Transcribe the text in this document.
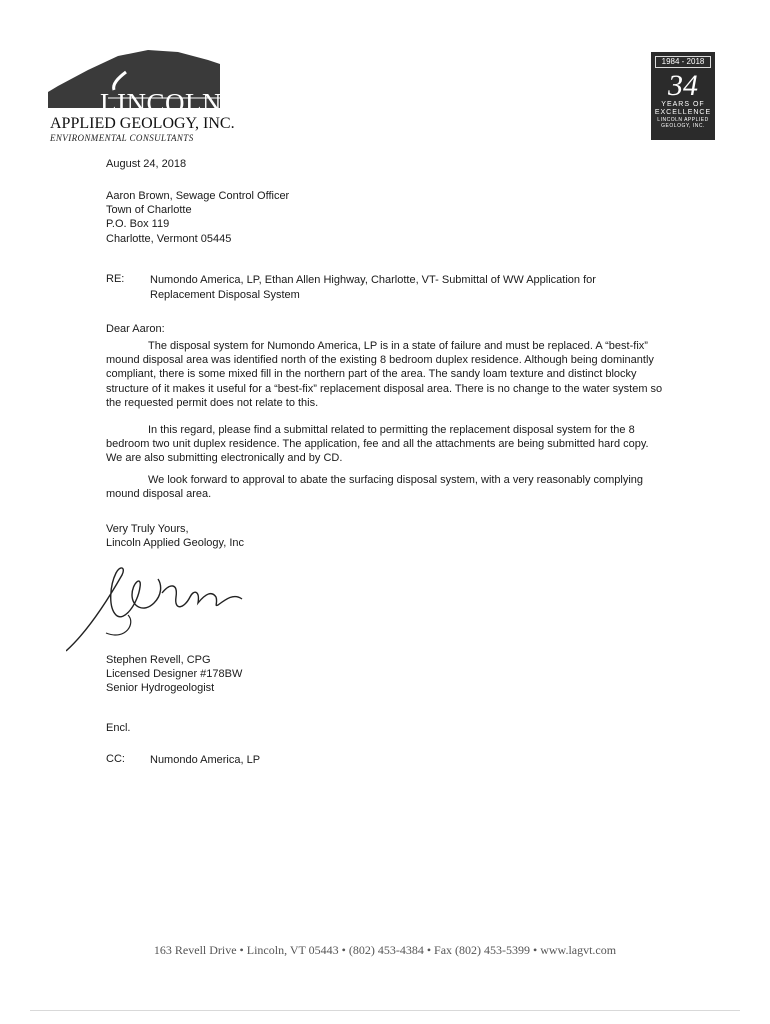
LINCOLN
APPLIED GEOLOGY, INC.
ENVIRONMENTAL CONSULTANTS
1984 - 2018
34
YEARS OF
EXCELLENCE
LINCOLN APPLIED
GEOLOGY, INC.
August 24, 2018
Aaron Brown, Sewage Control Officer
Town of Charlotte
P.O. Box 119
Charlotte, Vermont 05445
RE: Numondo America, LP, Ethan Allen Highway, Charlotte, VT- Submittal of WW Application for Replacement Disposal System
Dear Aaron:
The disposal system for Numondo America, LP is in a state of failure and must be replaced. A “best-fix” mound disposal area was identified north of the existing 8 bedroom duplex residence. Although being dominantly compliant, there is some mixed fill in the northern part of the area. The sandy loam texture and distinct blocky structure of it makes it useful for a “best-fix” replacement disposal area. There is no change to the water system so the requested permit does not relate to this.
In this regard, please find a submittal related to permitting the replacement disposal system for the 8 bedroom two unit duplex residence. The application, fee and all the attachments are being submitted hard copy. We are also submitting electronically and by CD.
We look forward to approval to abate the surfacing disposal system, with a very reasonably complying mound disposal area.
Very Truly Yours,
Lincoln Applied Geology, Inc
Stephen Revell, CPG
Licensed Designer #178BW
Senior Hydrogeologist
Encl.
CC: Numondo America, LP
163 Revell Drive • Lincoln, VT 05443 • (802) 453-4384 • Fax (802) 453-5399 • www.lagvt.com
